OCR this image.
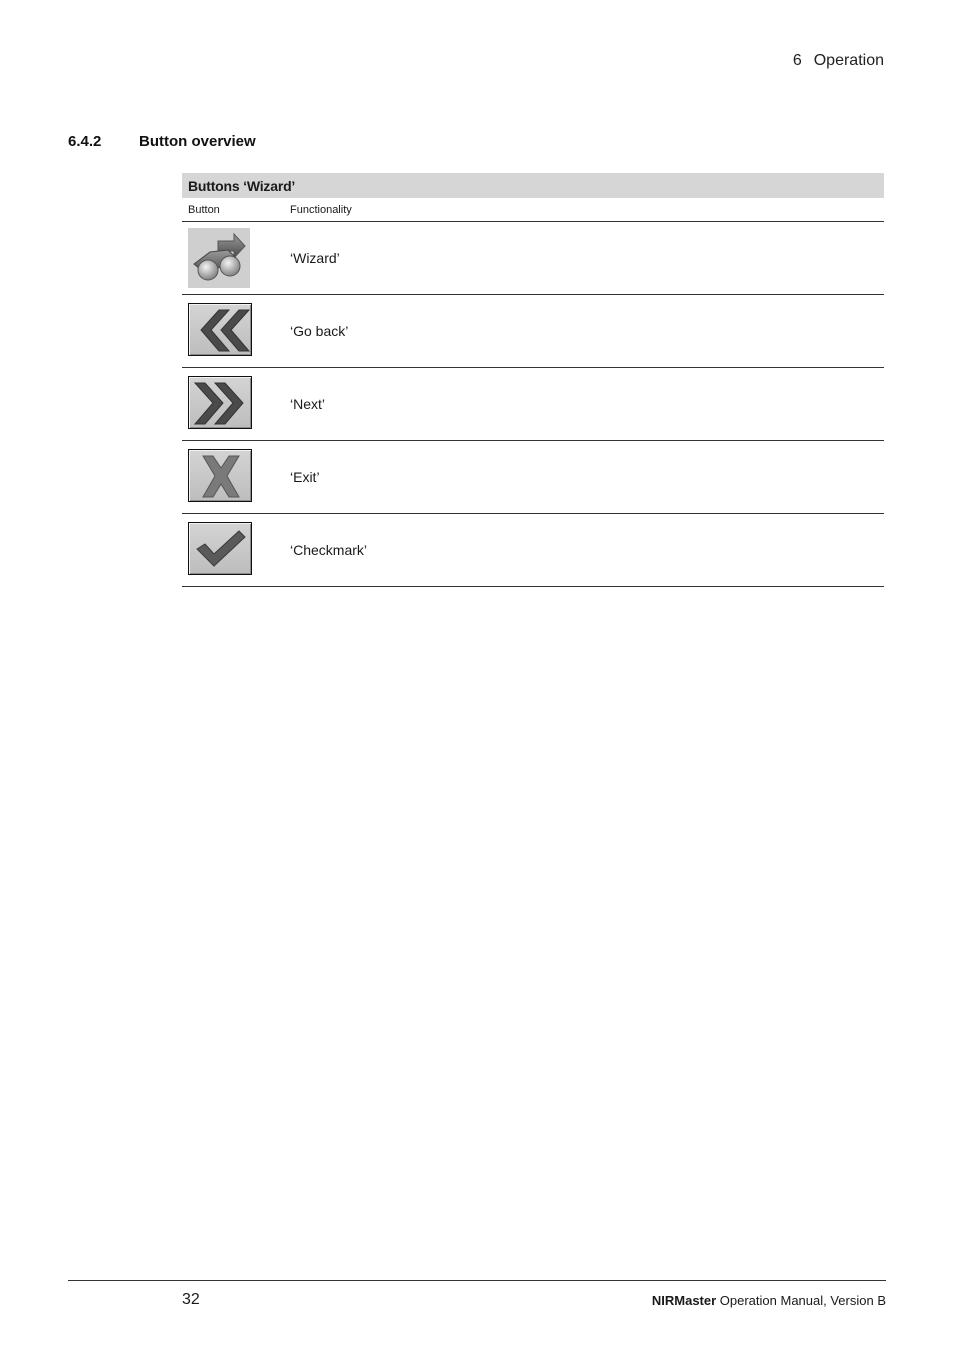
6 Operation
6.4.2	Button overview
Buttons ‘Wizard’
Button	Functionality
‘Wizard’
‘Go back’
‘Next’
‘Exit’
‘Checkmark’
32	NIRMaster Operation Manual, Version B
